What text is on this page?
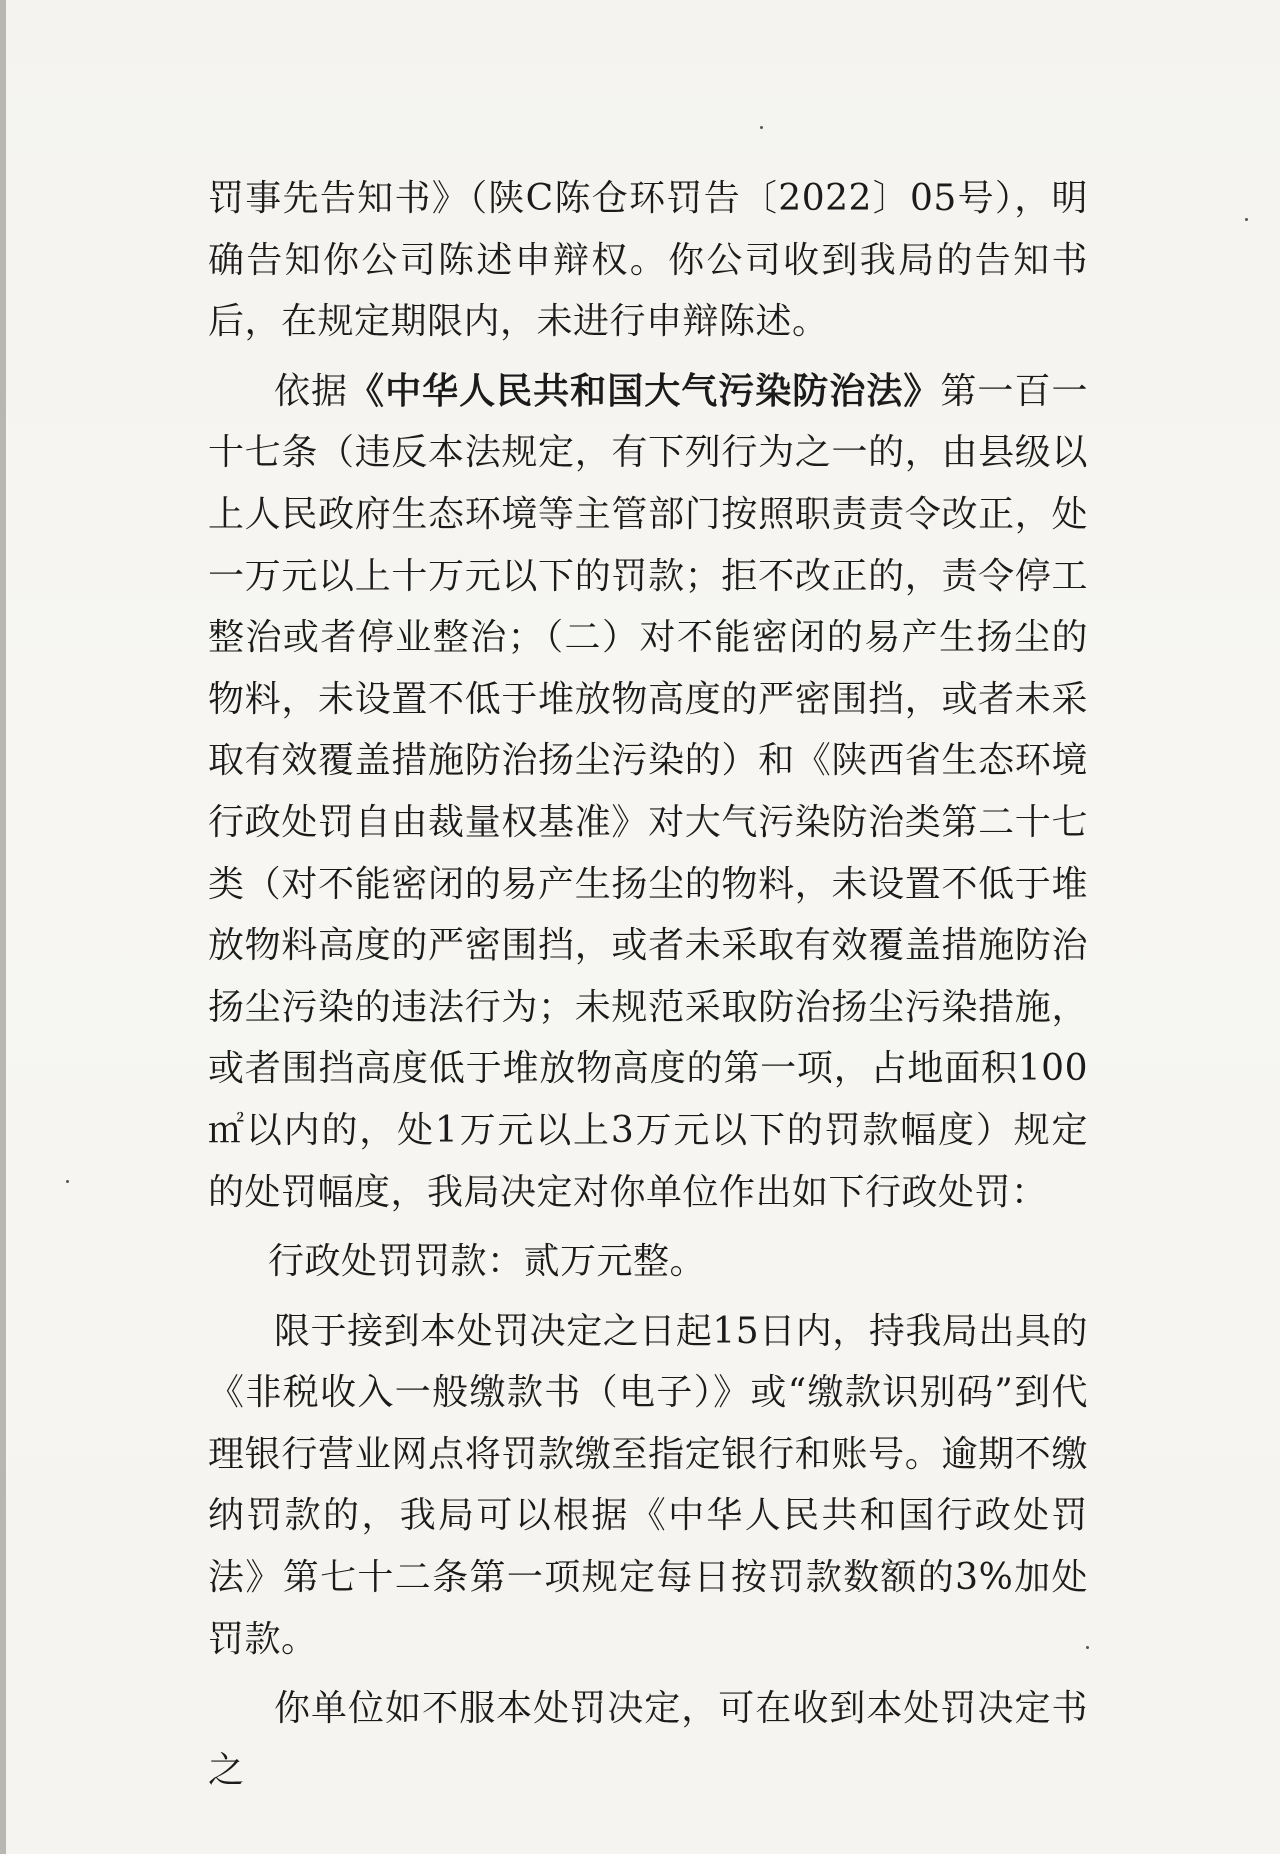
罚事先告知书》（陕C陈仓环罚告〔2022〕05号），明确告知你公司陈述申辩权。你公司收到我局的告知书后，在规定期限内，未进行申辩陈述。

依据《中华人民共和国大气污染防治法》第一百一十七条（违反本法规定，有下列行为之一的，由县级以上人民政府生态环境等主管部门按照职责责令改正，处一万元以上十万元以下的罚款；拒不改正的，责令停工整治或者停业整治；（二）对不能密闭的易产生扬尘的物料，未设置不低于堆放物高度的严密围挡，或者未采取有效覆盖措施防治扬尘污染的）和《陕西省生态环境行政处罚自由裁量权基准》对大气污染防治类第二十七类（对不能密闭的易产生扬尘的物料，未设置不低于堆放物料高度的严密围挡，或者未采取有效覆盖措施防治扬尘污染的违法行为；未规范采取防治扬尘污染措施，或者围挡高度低于堆放物高度的第一项，占地面积100㎡以内的，处1万元以上3万元以下的罚款幅度）规定的处罚幅度，我局决定对你单位作出如下行政处罚：

行政处罚罚款：贰万元整。

限于接到本处罚决定之日起15日内，持我局出具的《非税收入一般缴款书（电子）》或“缴款识别码”到代理银行营业网点将罚款缴至指定银行和账号。逾期不缴纳罚款的，我局可以根据《中华人民共和国行政处罚法》第七十二条第一项规定每日按罚款数额的3%加处罚款。

你单位如不服本处罚决定，可在收到本处罚决定书之
